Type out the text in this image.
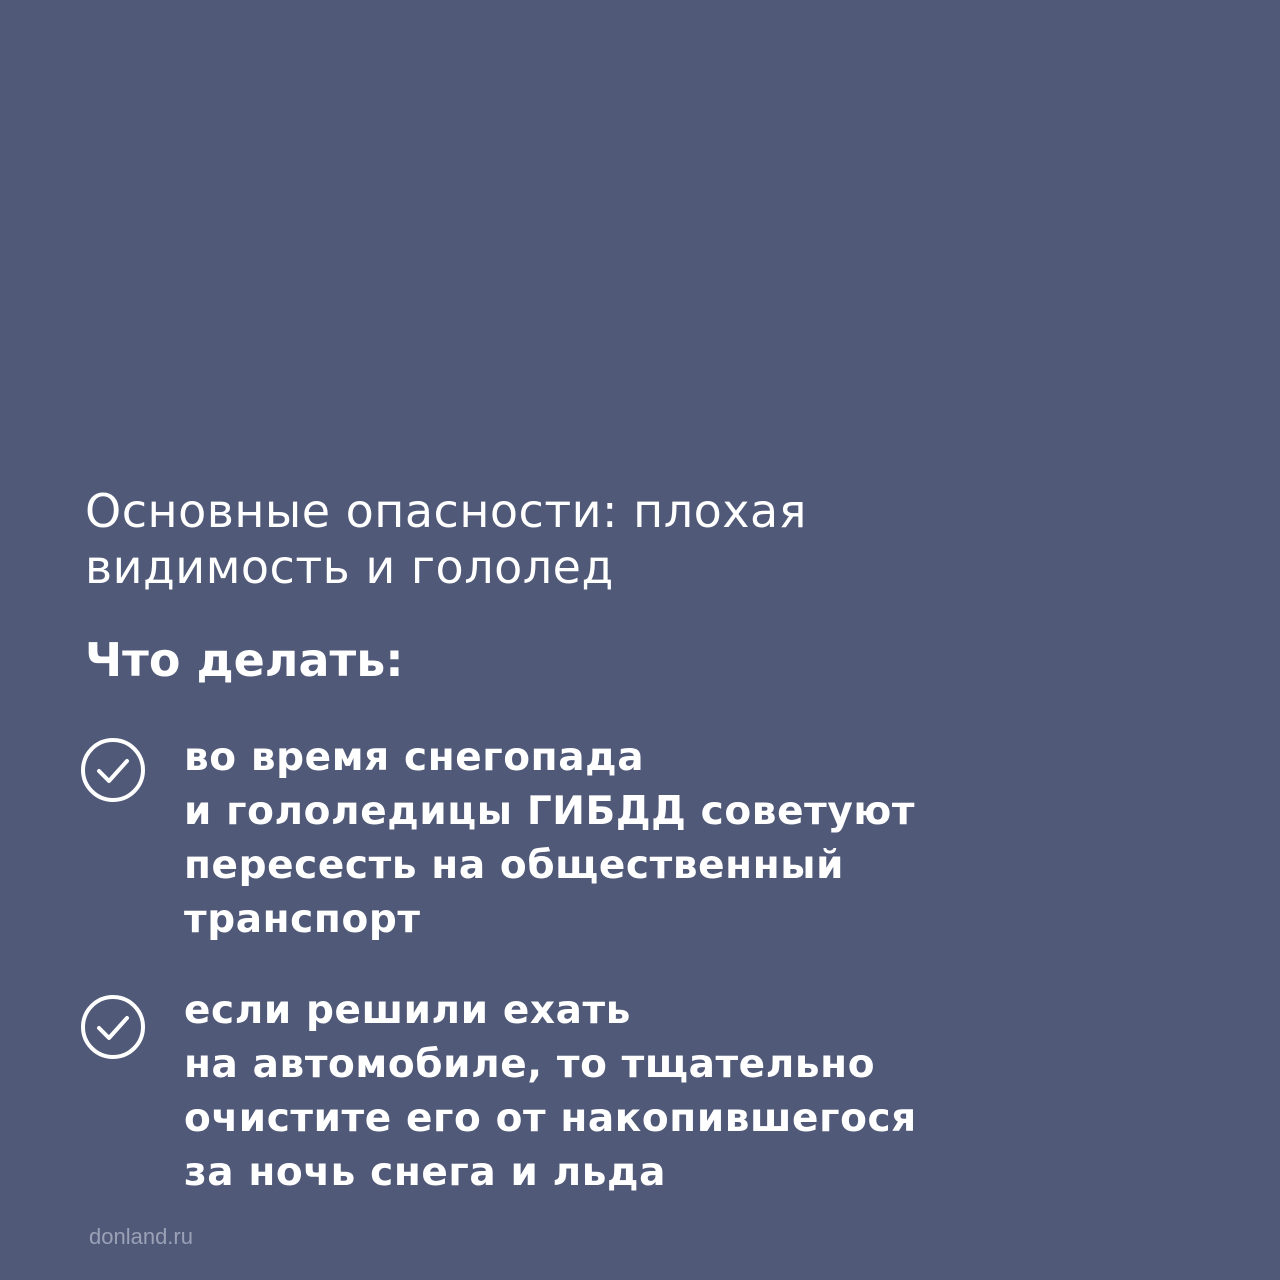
Основные опасности: плохая
видимость и гололед
Что делать:

во время снегопада
и гололедицы ГИБДД советуют
пересесть на общественный
транспорт

если решили ехать
на автомобиле, то тщательно
очистите его от накопившегося
за ночь снега и льда

donland.ru
